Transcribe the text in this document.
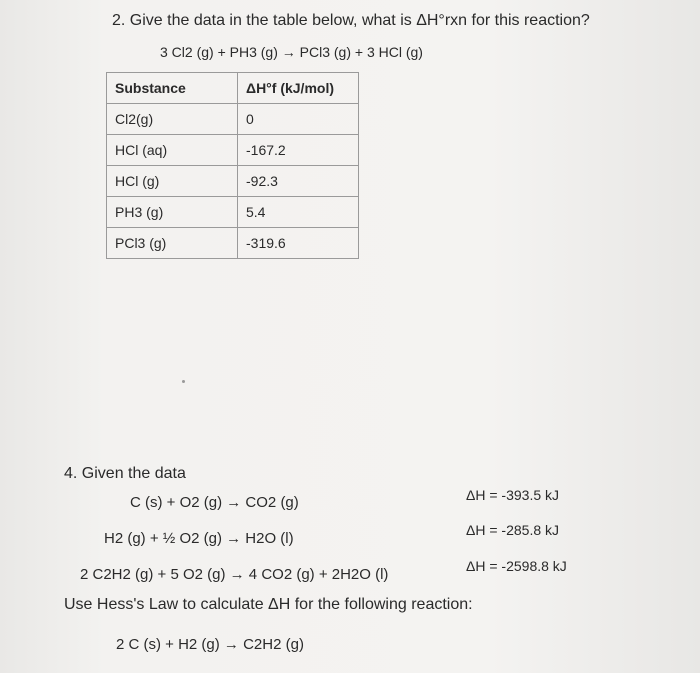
2. Give the data in the table below, what is ΔH°rxn for this reaction?
3 Cl2 (g) + PH3 (g) → PCl3 (g) + 3 HCl (g)
Substance	ΔH°f (kJ/mol)
Cl2(g)	0
HCl (aq)	-167.2
HCl (g)	-92.3
PH3 (g)	5.4
PCl3 (g)	-319.6
4. Given the data
C (s) + O2 (g) → CO2 (g)	ΔH = -393.5 kJ
H2 (g) + ½ O2 (g) → H2O (l)	ΔH = -285.8 kJ
2 C2H2 (g) + 5 O2 (g) → 4 CO2 (g) + 2H2O (l)	ΔH = -2598.8 kJ
Use Hess's Law to calculate ΔH for the following reaction:
2 C (s) + H2 (g) → C2H2 (g)
